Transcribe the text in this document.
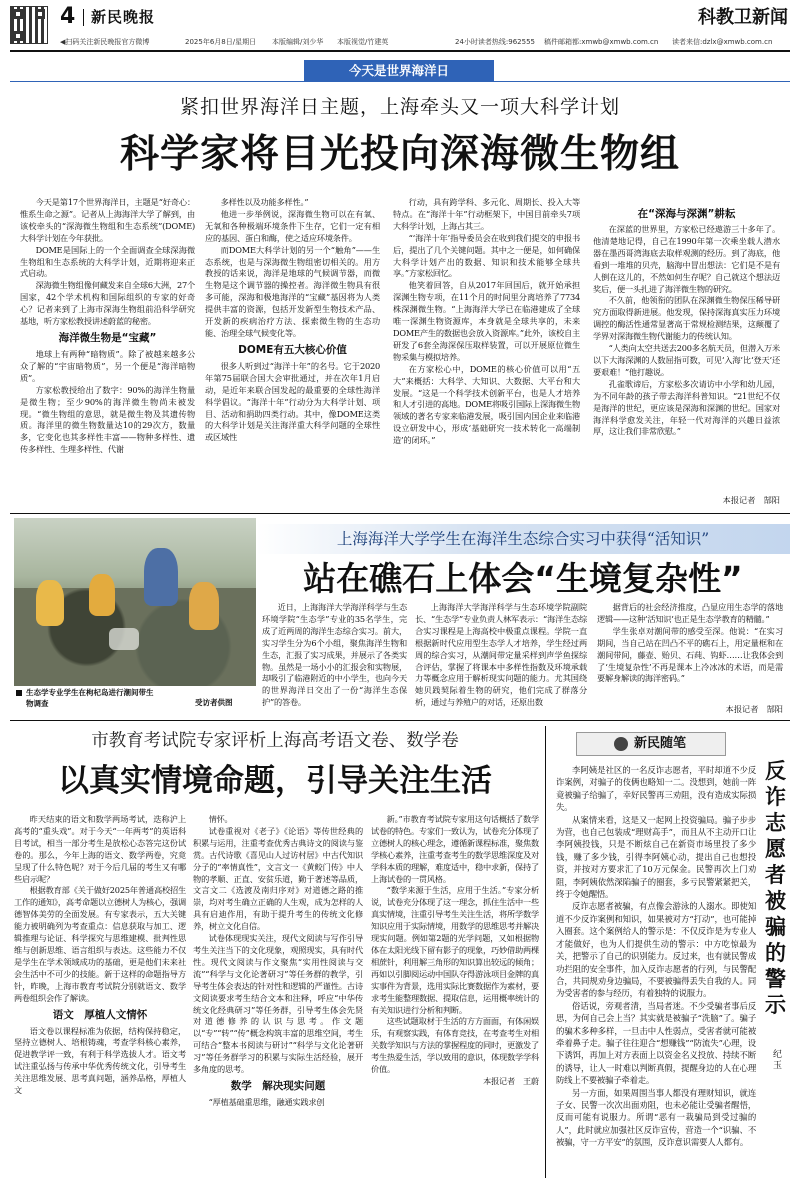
4 新民晚报	科教卫新闻
◀扫码关注新民晚报官方微博	2025年6月8日/星期日 本版编辑/刘少华 本版视觉/竹建英	24小时读者热线:962555 稿件邮箱都:xmwb@xmwb.com.cn 读者来信:dzlx@xmwb.com.cn
今天是世界海洋日
紧扣世界海洋日主题，上海牵头又一项大科学计划
科学家将目光投向深海微生物组

今天是第17个世界海洋日，主题是“好奇心：惟系生命之源”。记者从上海海洋大学了解到，由该校牵头的“深海微生物组和生态系统”(DOME)大科学计划在今年获批。

DOME是国际上的一个全面调查全球深海微生物组和生态系统的大科学计划，近期将迎来正式启动。

深海微生物组像何藏发来自全球6大洲，27个国家，42个学术机构和国际组织的专家的好奇心？记者来到了上海市深海生物组前沿科学研究基地，听方家松教授讲述蔚蓝的秘密。

海洋微生物是“宝藏”

地球上有两种“暗物质”。除了被越来越多公众了解的“宇宙暗物质”，另一个便是“海洋暗物质”。

方家松教授给出了数字：90%的海洋生物量是微生物；至少90%的海洋微生物尚未被发现。“微生物组的意思，就是微生物及其遗传物质。海洋里的微生物数量达10的29次方，数量多，它变化也其多样性丰富——物种多样性、遗传多样性、生理多样性、代谢

多样性以及功能多样性。”

他进一步举例说，深海微生物可以在有氧、无氧和各种极端环境条件下生存，它们一定有相应的基因、蛋白和酶，使之适应环境条件。

而DOME大科学计划的另一个“触角”——生态系统，也是与深海微生物组密切相关的。用方教授的话来说，海洋是地球的气候调节器，而微生物是这个调节器的操控者。海洋微生物具有很多可能，深海和极地海洋的“宝藏”基因将为人类提供丰富的资源，包括开发新型生物技术产品、开发新的疾病治疗方法、探索微生物的生态功能、治理全球气候变化等。

DOME有五大核心价值

很多人听到过“海洋十年”的名号。它于2020年第75届联合国大会审批通过，并在次年1月启动，是近年来联合国发起的最重要的全球性海洋科学倡议。“海洋十年”行动分为大科学计划、项目、活动和捐助四类行动。其中，像DOME这类的大科学计划是关注海洋重大科学问题的全球性或区域性

行动，具有跨学科、多元化、周期长、投入大等特点。在“海洋十年”行动框架下，中国目前牵头7项大科学计划，上海占其三。

“‘海洋十年’指导委员会在收到我们提交的申报书后，提出了几个关键问题。其中之一便是，如何确保大科学计划产出的数据、知识和技术能够全球共享。”方家松回忆。

他笑着回答，自从2017年回国后，就开始承担深渊生物专项，在11个月的时间里分离培养了7734株深渊微生物。“上海海洋大学已在临港建成了全球唯一深渊生物资源库，本身就是全球共享的，未来DOME产生的数据也会放入资源库。”此外，该校自主研发了6套全海深保压取样装置，可以开展原位微生物采集与模拟培养。

在方家松心中，DOME的核心价值可以用“五大”来概括：大科学、大知识、大数据、大平台和大发展。“这是一个科学技术创新平台，也是人才培养和人才引进的高地。DOME将吸引国际上深海微生物领域的著名专家来临港发展，吸引国内国企业来临港设立研发中心，形成‘基础研究一技术转化一高端制造’的闭环。”

在“深海与深渊”耕耘

在深蓝的世界里，方家松已经遨游三十多年了。他清楚地记得，自己在1990年第一次乘坐载人潜水器在墨西哥湾海底去取样观测的经历。到了海底，他看到一堆堆的贝壳，脑海中冒出想法：它们是不是有人倒在这儿的，不然如何生存呢？自己就这个想法迈奖后，便一头扎进了海洋微生物的研究。

不久前，他领衔的团队在深渊微生物保压稀导研究方面取得新进展。他发现，保持深海真实压力环境调控的酶活性通常显著高于常规检测结果，这颠覆了学界对深海微生物代谢能力的传统认知。

“人类向太空共送去200多名航天员，但潜入万米以下大海深渊的人数屈指可数，可见‘入海’比‘登天’还要艰难！”他打趣说。

孔雀歌谛后，方家松多次请访中小学和幼儿园，为不同年龄的孩子带去海洋科普知识。“21世纪不仅是海洋的世纪，更应该是深海和深渊的世纪。国家对海洋科学愈发关注，年轻一代对海洋的兴趣日益浓厚，这让我们非常欣慰。”

本报记者　郜阳
生态学专业学生在枸杞岛进行潮间带生物调查	受访者供图
上海海洋大学学生在海洋生态综合实习中获得“活知识”
站在礁石上体会“生境复杂性”

近日，上海海洋大学海洋科学与生态环境学院“生态学”专业的35名学生，完成了近两周的海洋生态综合实习。前大，实习学生分为6个小组，聚焦海洋生物和生态，汇报了实习成果，并展示了各类实物。虽然是一场小小的汇报会和实物展，却吸引了临港附近的中小学生，也向今天的世界海洋日交出了一份“海洋生态保护”的答卷。

上海海洋大学海洋科学与生态环境学院副院长、“生态学”专业负责人林军表示：“海洋生态综合实习课程是上海高校中极重点课程。学院一直根据新时代应用型生态学人才培养，学生经过两周的综合实习，从潮间带定量采样到声学鱼探综合评估，掌握了将课本中多样性指数及环境承载力等概念应用于解析现实问题的能力。尤其国绕她贝践契际着生物的研究，他们完成了群落分析，通过与养殖户的对话，还原出数

据背后的社会经济推度，凸显应用生态学的落地逻辑——这种‘活知识’也正是生态学教育的精髓。”

学生张卓对潮间带的感受至深。他说：“在实习期间，当自己站在凹凸不平的礁石上，用定量框和在潮间带间，藤壶、贻贝、石莼、钩虾……让我体会到了‘生境复杂性’不再是课本上冷冰冰的术语，而是需要解身解读的海洋密码。”

本报记者　郜阳
市教育考试院专家评析上海高考语文卷、数学卷
以真实情境命题，引导关注生活

昨天结束的语文和数学两场考试，迭称沪上高考的“重头戏”。对于今天“一年两考”的英语科目考试，相当一部分考生是放松心态答完这份试卷的。那么，今年上海的语文、数学两卷，究竟呈现了什么特色呢？对于今后几届的考生又有哪些启示呢？

根据教育部《关于做好2025年普通高校招生工作的通知》，高考命题以立德树人为核心，强调德智体美劳的全面发展。有专家表示，五大关键能力被明确列为考查重点：信息获取与加工、逻辑推理与论证、科学探究与思维建模、批判性思维与创新思维、语言组织与表达。这些能力不仅是学生在学术领域成功的基础，更是他们未来社会生活中不可少的技能。新于这样的命题指导方针，昨晚，上海市教育考试院分别就语文、数学两卷组织会作了解读。

语文　厚植人文情怀

语文卷以课程标准为依据，结构保持稳定，坚持立德树人、培根铸魂，考查学科核心素养，促进教学评一致，有利于科学选拔人才。语文考试注重弘扬与传承中华优秀传统文化，引导考生关注思维发展、思考真问题，涵养品格，厚植人文

情怀。

试卷重视对《老子》《论语》等传世经典的积累与运用，注重考查优秀古典诗文的阅读与鉴赏。古代诗歌《喜见山人过访村居》中古代知识分子的“率情真性”，文言文一《黄鲛门传》中人物的孝顺、正直、安贫乐道，勤于著述等品质，文言文二《选渡及南归序对》对道德之路的推崇，均对考生确立正确的人生观，成为怎样的人具有启迪作用，有助于提升考生的传统文化修养，树立文化自信。

试卷体现现实关注，现代文阅读与写作引导考生关注当下的文化现象，观照现实，具有时代性。现代文阅读与作文聚焦“实用性阅读与交流”“科学与文化论著研习”等任务群的教学，引导考生体会表达的针对性和逻辑的严谨性。古诗文阅读要求考生结合文本和注释，呼应“中华传统文化经典研习”等任务群，引导考生体会先贤对道德修养的认识与思考。作文题以“专”“转”“传”概念构筑丰富的思维空间，考生可结合“整本书阅读与研讨”“科学与文化论著研习”等任务群学习的积累与实际生活经验，展开多角度的思考。

数学　解决现实问题

“厚植基础重思维，融通实践求创

新。”市教育考试院专家用这句话概括了数学试卷的特色。专家们一致认为，试卷充分体现了立德树人的核心理念，遵循新课程标准，聚焦数学核心素养，注重考查考生的数学思维深度及对学科本质的理解，难度适中，稳中求新，保持了上海试卷的一贯风格。

“数学来源于生活，应用于生活。”专家分析说，试卷充分体现了这一理念，抓住生活中一些真实情境，注重引导考生关注生活，将所学数学知识应用于实际情境，用数学的思维思考并解决现实问题。例如第2题的光学问题，又如根据物体在太阳光线下留有影子的现象，巧妙借助两棵相蔗针，利用解三角形的知识算出较远的倾角；再如以引脚阅运动中国队夺得游泳项目金牌的真实事件为背景，选用实际比赛数据作为素材，要求考生能整理数据、提取信息，运用概率统计的有关知识进行分析和判断。

这些试题取材于生活的方方面面，有体闲娱乐，有观察实践，有体育竞技，在考查考生对相关数学知识与方法的掌握程度的同时，更激发了考生热爱生活，学以致用的意识，体现数学学科价值。

本报记者　王蔚

新民随笔
反诈志愿者被骗的警示
纪玉

李阿姨是社区的一名反诈志愿者，平时却道不少反诈案例，对骗子的伎俩也略知一二。没想到，她前一阵竟被骗子给骗了，幸好民警再三劝阻，没有造成实际损失。

从案情来看，这是又一起网上投资骗局。骗子步步为营，也自己包装成“理财高手”，而且从不主动开口让李阿姨投钱，只是不断炫自己在新资市场里投了多少钱，赚了多少钱，引得李阿姨心动，提出自己也想投资，并按对方要求汇了10万元保金。民警再次上门劝阻，李阿姨依然深陷骗子的圈套，多亏民警紧紧把关，终于令她醒悟。

反诈志愿者被骗，有点像会游泳的人溺水。即使知道不少反诈案例和知识，如果被对方“打动”，也可能掉入圈套。这个案例给人的警示是：不仅反诈是为专业人才能做好，也为人们提供生动的警示：中方吃惊最为关，把警示了自己的识别能力。反过来，也有就民警成功拦阻的安全事件，加入反诈志愿者的行列，与民警配合，共同规劝身边骗局，不要被骗得丢失自我的人。同为受害者的参与经历，有着独特的说服力。

俗话说，旁观者清，当局者迷。不少受骗者事后反思，为何自己会上当？其实就是被骗子“洗脑”了。骗子的骗术多种多样，一旦击中人性弱点，受害者就可能被牵着鼻子走。骗子往往迎合“想赚钱”“防流失”心理，设下诱饵，再加上对方表面上以资金名义投放、持续不断的诱导，让人一时难以判断真假，提醒身边的人在心理防线上不要被骗子牵着走。

另一方面，如果周围当事人都没有理财知识，就连子女、民警一次次出面劝阻，也未必能让受骗者醒悟，反而可能有说服力。所谓“恶有一栽骗局到受过骗的人”，此时就应加强社区反诈宣传，营造一个“识骗、不被骗，守一方平安”的氛围，反诈意识需要人人都有。
